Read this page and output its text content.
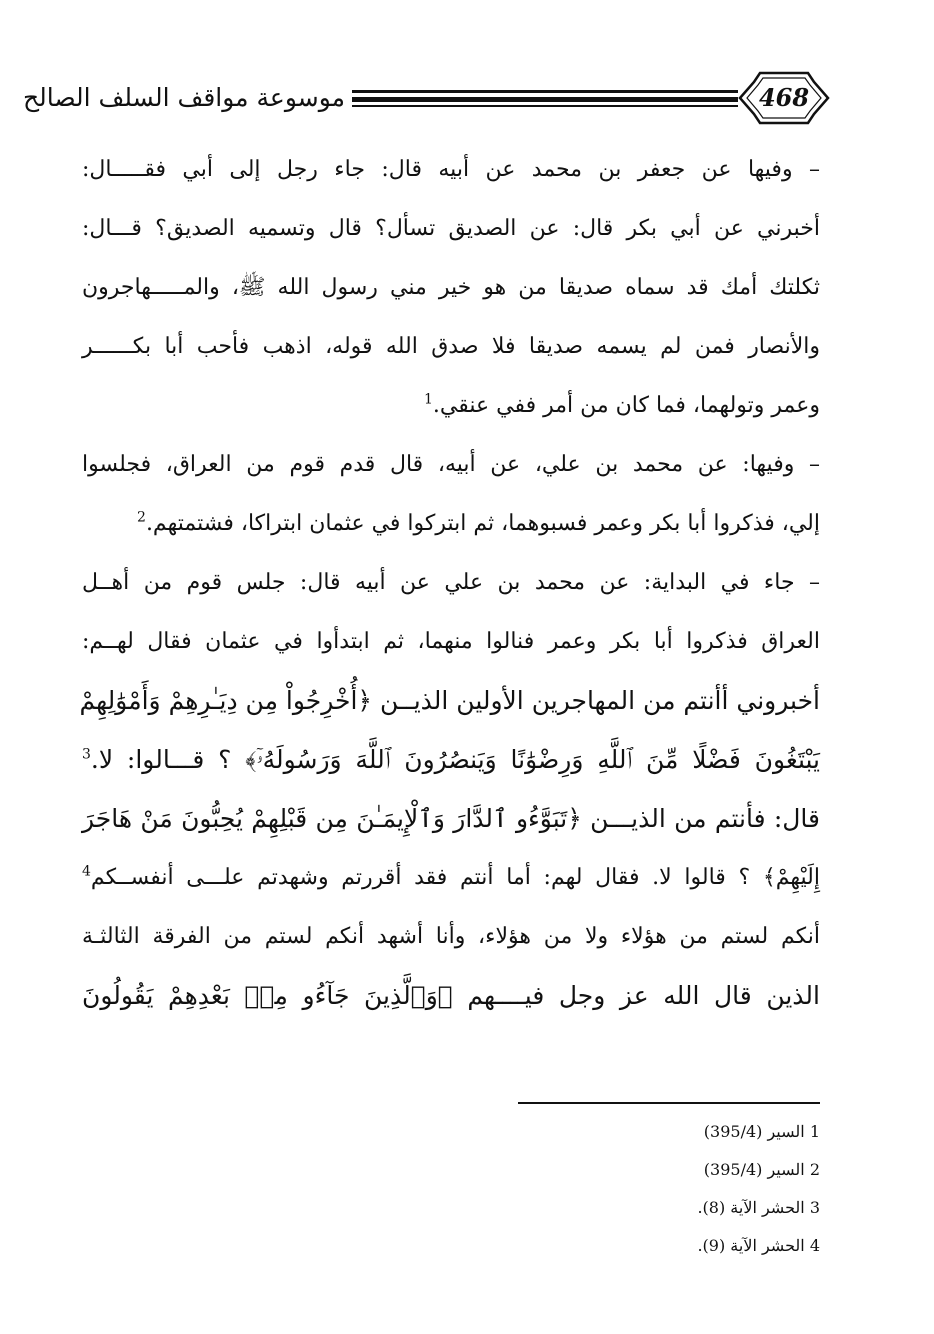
موسوعة مواقف السلف الصالح	468
– وفيها عن جعفر بن محمد عن أبيه قال: جاء رجل إلى أبي فقـــــال:
أخبرني عن أبي بكر قال: عن الصديق تسأل؟ قال وتسميه الصديق؟ قـــال:
ثكلتك أمك قد سماه صديقا من هو خير مني رسول الله ﷺ، والمـــــهاجرون
والأنصار فمن لم يسمه صديقا فلا صدق الله قوله، اذهب فأحب أبا بكــــــر
وعمر وتولهما، فما كان من أمر ففي عنقي.$^1$
– وفيها: عن محمد بن علي، عن أبيه، قال قدم قوم من العراق، فجلسوا
إلي، فذكروا أبا بكر وعمر فسبوهما، ثم ابتركوا في عثمان ابتراكا، فشتمتهم.$^2$
– جاء في البداية: عن محمد بن علي عن أبيه قال: جلس قوم من أهــل
العراق فذكروا أبا بكر وعمر فنالوا منهما، ثم ابتدأوا في عثمان فقال لهــم:
أخبروني أأنتم من المهاجرين الأولين الذيــن ﴿أُخْرِجُواْ مِن دِيَـٰرِهِمْ وَأَمْوَٰلِهِمْ
يَبْتَغُونَ فَضْلًا مِّنَ ٱللَّهِ وَرِضْوَٰنًا وَيَنصُرُونَ ٱللَّهَ وَرَسُولَهُۥٓ﴾ ؟ قـــالوا: لا.$^3$
قال: فأنتم من الذيـــن ﴿تَبَوَّءُو ٱلدَّارَ وَٱلْإِيمَـٰنَ مِن قَبْلِهِمْ يُحِبُّونَ مَنْ هَاجَرَ
إِلَيْهِمْ﴾ ؟ قالوا لا. فقال لهم: أما أنتم فقد أقررتم وشهدتم علـــى أنفســكم$^4$
أنكم لستم من هؤلاء ولا من هؤلاء، وأنا أشهد أنكم لستم من الفرقة الثالثـة
الذين قال الله عز وجل فيــــهم ﴿وَٱلَّذِينَ جَآءُو مِنۢ بَعْدِهِمْ يَقُولُونَ
1 السير (395/4)
2 السير (395/4)
3 الحشر الآية (8).
4 الحشر الآية (9).
